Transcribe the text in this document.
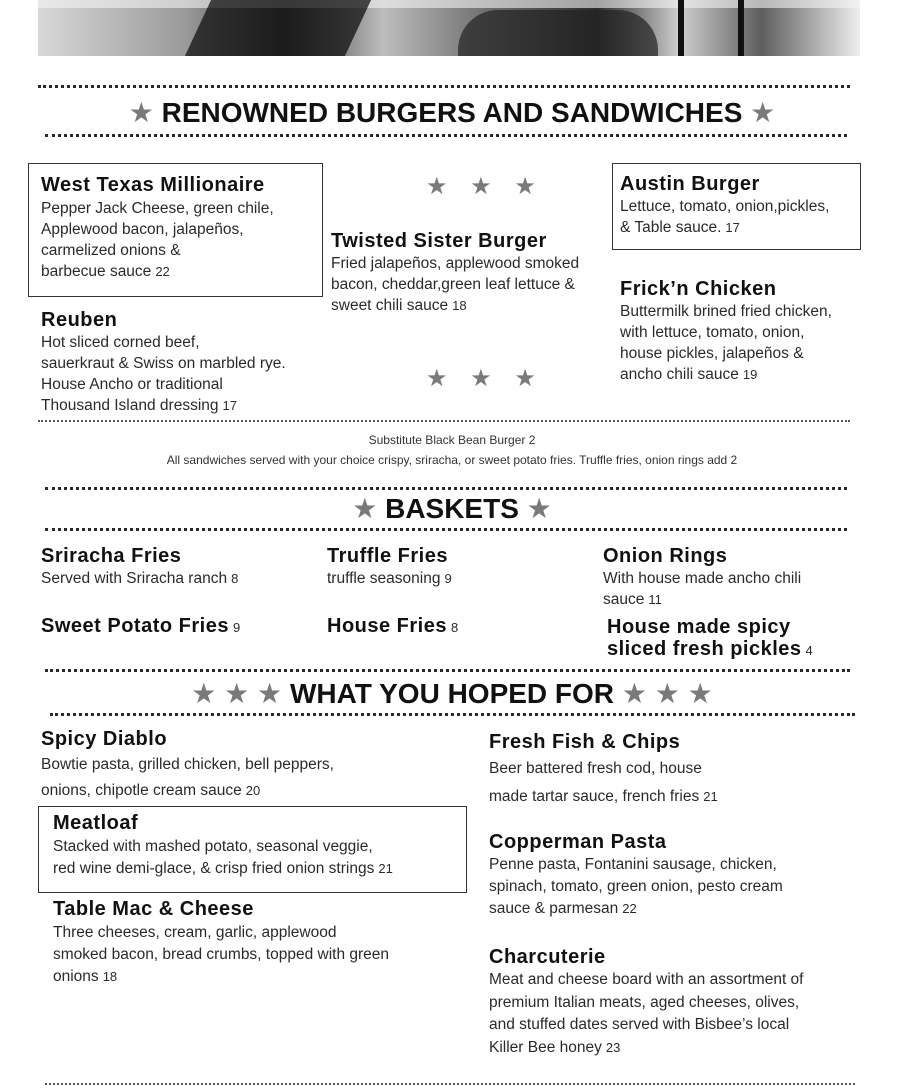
★ RENOWNED BURGERS AND SANDWICHES ★
West Texas Millionaire
Pepper Jack Cheese, green chile,
Applewood bacon, jalapeños,
carmelized onions &
barbecue sauce 22
Reuben
Hot sliced corned beef,
sauerkraut & Swiss on marbled rye.
House Ancho or traditional
Thousand Island dressing 17
★ ★ ★
Twisted Sister Burger
Fried jalapeños, applewood smoked
bacon, cheddar,green leaf lettuce &
sweet chili sauce 18
★ ★ ★
Austin Burger
Lettuce, tomato, onion,pickles,
& Table sauce. 17
Frick’n Chicken
Buttermilk brined fried chicken,
with lettuce, tomato, onion,
house pickles, jalapeños &
ancho chili sauce 19
Substitute Black Bean Burger 2
All sandwiches served with your choice crispy, sriracha, or sweet potato fries. Truffle fries, onion rings add 2
★ BASKETS ★
Sriracha Fries
Served with Sriracha ranch 8
Truffle Fries
truffle seasoning 9
Onion Rings
With house made ancho chili
sauce 11
Sweet Potato Fries 9	House Fries 8	House made spicy
sliced fresh pickles 4
★ ★ ★ WHAT YOU HOPED FOR ★ ★ ★
Spicy Diablo
Bowtie pasta, grilled chicken, bell peppers,
onions, chipotle cream sauce 20
Meatloaf
Stacked with mashed potato, seasonal veggie,
red wine demi-glace, & crisp fried onion strings 21
Table Mac & Cheese
Three cheeses, cream, garlic, applewood
smoked bacon, bread crumbs, topped with green
onions 18
Fresh Fish & Chips
Beer battered fresh cod, house
made tartar sauce, french fries 21
Copperman Pasta
Penne pasta, Fontanini sausage, chicken,
spinach, tomato, green onion, pesto cream
sauce & parmesan 22
Charcuterie
Meat and cheese board with an assortment of
premium Italian meats, aged cheeses, olives,
and stuffed dates served with Bisbee’s local
Killer Bee honey 23
